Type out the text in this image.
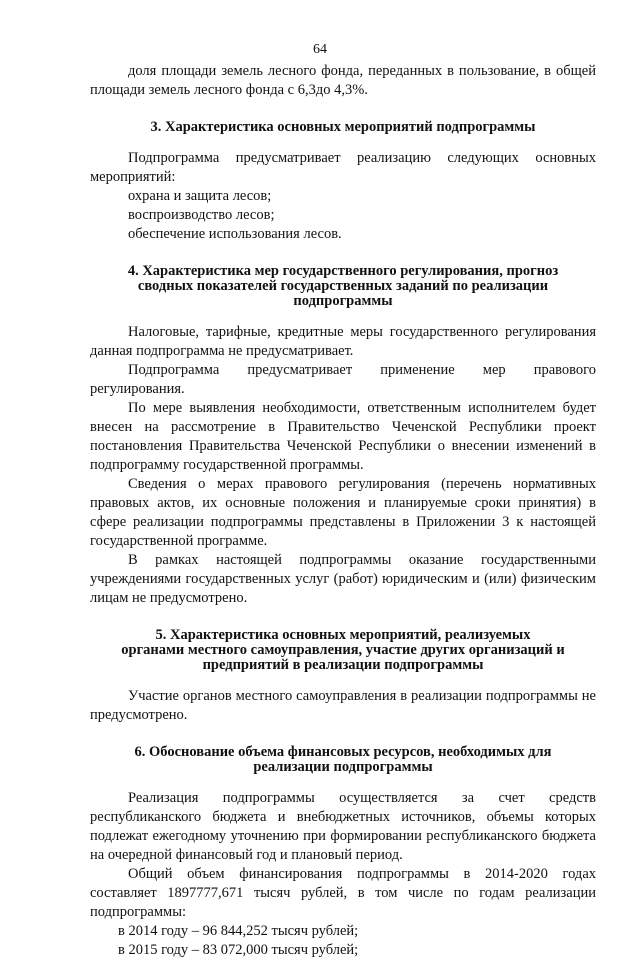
64

доля площади земель лесного фонда, переданных в пользование, в общей площади земель лесного фонда с 6,3до 4,3%.

3. Характеристика основных мероприятий подпрограммы

Подпрограмма предусматривает реализацию следующих основных мероприятий:

охрана и защита лесов;

воспроизводство лесов;

обеспечение использования лесов.

4. Характеристика мер государственного регулирования, прогноз
сводных показателей государственных заданий по реализации
подпрограммы

Налоговые, тарифные, кредитные меры государственного регулирования данная подпрограмма не предусматривает.

Подпрограмма предусматривает применение мер правового регулирования.

По мере выявления необходимости, ответственным исполнителем будет внесен на рассмотрение в Правительство Чеченской Республики проект постановления Правительства Чеченской Республики о внесении изменений в подпрограмму государственной программы.

Сведения о мерах правового регулирования (перечень нормативных правовых актов, их основные положения и планируемые сроки принятия) в сфере реализации подпрограммы представлены в Приложении 3 к настоящей государственной программе.

В рамках настоящей подпрограммы оказание государственными учреждениями государственных услуг (работ) юридическим и (или) физическим лицам не предусмотрено.

5. Характеристика основных мероприятий, реализуемых
органами местного самоуправления, участие других организаций и
предприятий в реализации подпрограммы

Участие органов местного самоуправления в реализации подпрограммы не предусмотрено.

6. Обоснование объема финансовых ресурсов, необходимых для
реализации подпрограммы

Реализация подпрограммы осуществляется за счет средств республиканского бюджета и внебюджетных источников, объемы которых подлежат ежегодному уточнению при формировании республиканского бюджета на очередной финансовый год и плановый период.

Общий объем финансирования подпрограммы в 2014-2020 годах составляет 1897777,671 тысяч рублей, в том числе по годам реализации подпрограммы:

в 2014 году – 96 844,252 тысяч рублей;

в 2015 году – 83 072,000 тысяч рублей;
